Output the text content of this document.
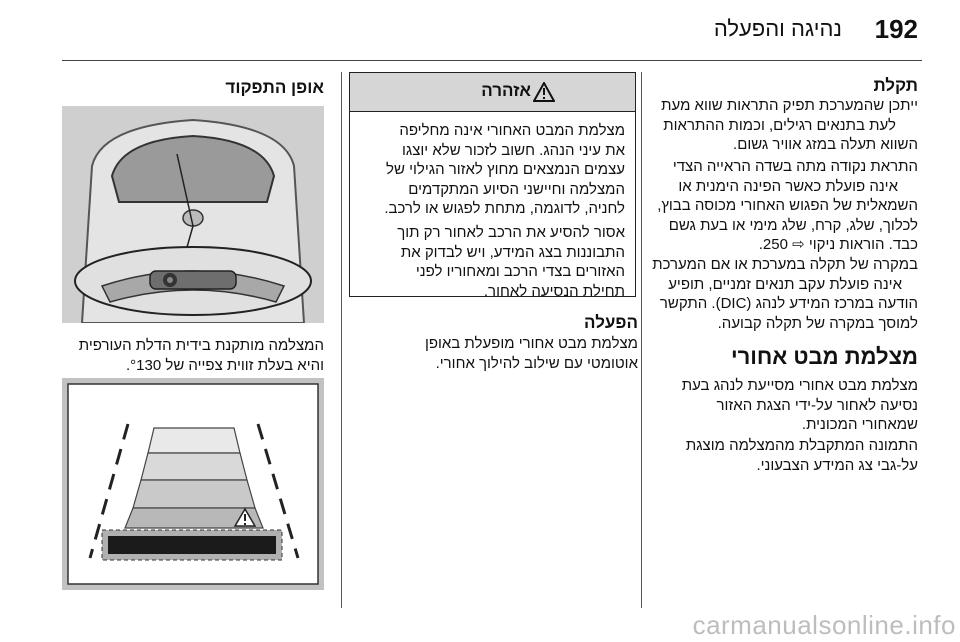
192
נהיגה והפעלה
תקלת
ייתכן שהמערכת תפיק התראות שווא מעת
לעת בתנאים רגילים, וכמות ההתראות
השווא תעלה במזג אוויר גשום.
התראת נקודה מתה בשדה הראייה הצדי
אינה פועלת כאשר הפינה הימנית או
השמאלית של הפגוש האחורי מכוסה בבוץ,
לכלוך, שלג, קרח, שלג מימי או בעת גשם
כבד. הוראות ניקוי ⇨ 250.
במקרה של תקלה במערכת או אם המערכת
אינה פועלת עקב תנאים זמניים, תופיע
הודעה במרכז המידע לנהג (DIC). התקשר
למוסך במקרה של תקלה קבועה.
מצלמת מבט אחורי
מצלמת מבט אחורי מסייעת לנהג בעת
נסיעה לאחור על-ידי הצגת האזור
שמאחורי המכונית.
התמונה המתקבלת מהמצלמה מוצגת
על-גבי צג המידע הצבעוני.
אזהרה
מצלמת המבט האחורי אינה מחליפה
את עיני הנהג. חשוב לזכור שלא יוצגו
עצמים הנמצאים מחוץ לאזור הגילוי של
המצלמה וחיישני הסיוע המתקדמים
לחניה, לדוגמה, מתחת לפגוש או לרכב.
אסור להסיע את הרכב לאחור רק תוך
התבוננות בצג המידע, ויש לבדוק את
האזורים בצדי הרכב ומאחוריו לפני
תחילת הנסיעה לאחור.
הפעלה
מצלמת מבט אחורי מופעלת באופן
אוטומטי עם שילוב להילוך אחורי.
אופן התפקוד
המצלמה מותקנת בידית הדלת העורפית
והיא בעלת זווית צפייה של °130.
carmanualsonline.info
